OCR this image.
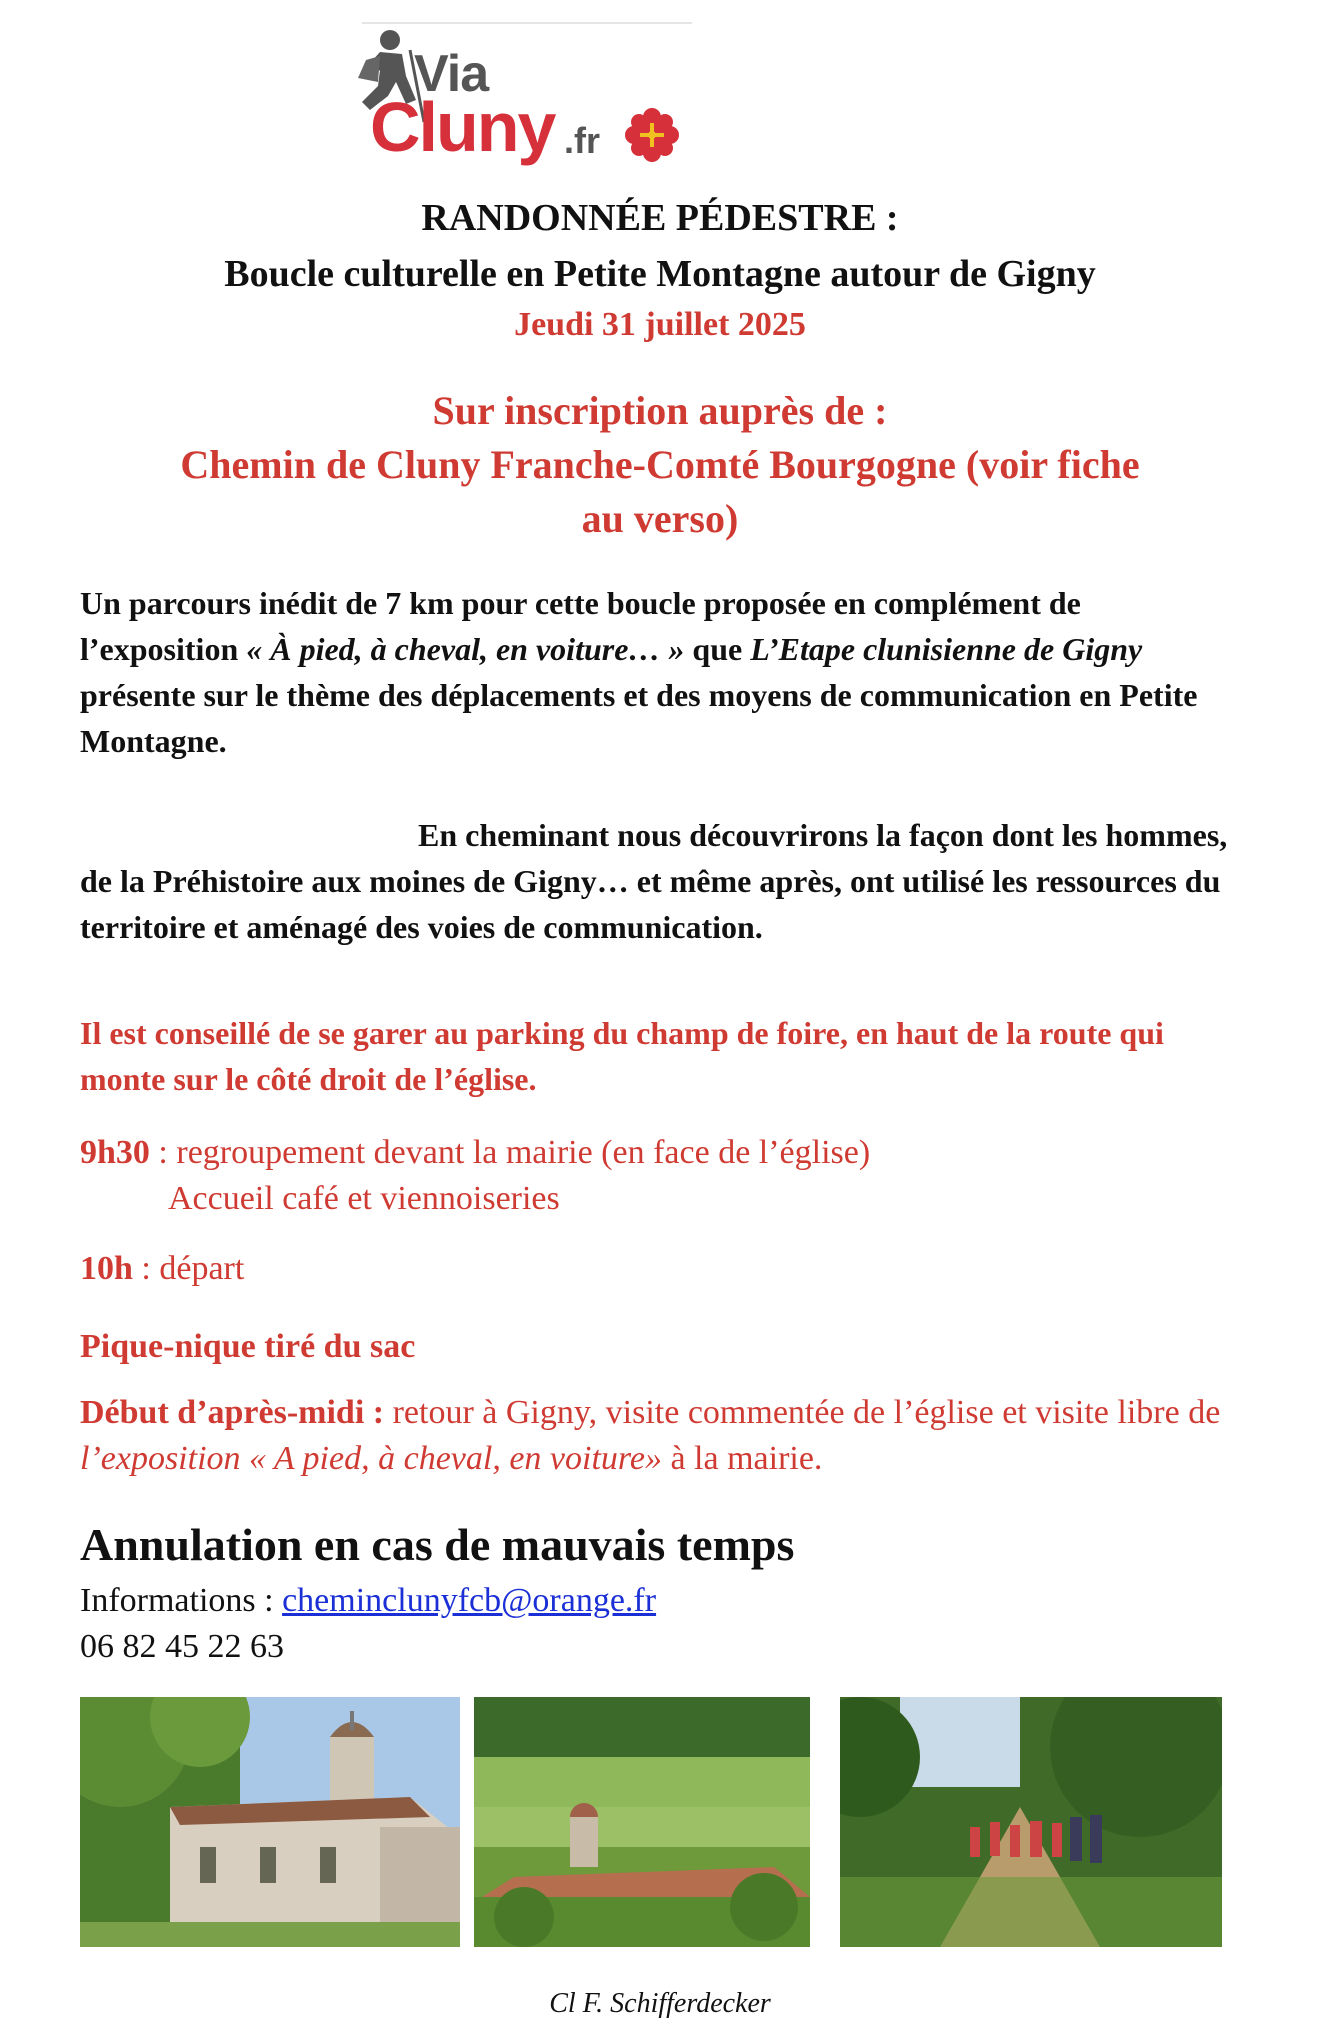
Via
Cluny .fr
RANDONNÉE PÉDESTRE :
Boucle culturelle en Petite Montagne autour de Gigny
Jeudi 31 juillet 2025
Sur inscription auprès de :
Chemin de Cluny Franche-Comté Bourgogne (voir fiche
au verso)
Un parcours inédit de 7 km pour cette boucle proposée en complément de l’exposition « À pied, à cheval, en voiture… » que L’Etape clunisienne de Gigny présente sur le thème des déplacements et des moyens de communication en Petite Montagne.
En cheminant nous découvrirons la façon dont les hommes, de la Préhistoire aux moines de Gigny… et même après, ont utilisé les ressources du territoire et aménagé des voies de communication.
Il est conseillé de se garer au parking du champ de foire, en haut de la route qui monte sur le côté droit de l’église.
9h30 : regroupement devant la mairie (en face de l’église)
Accueil café et viennoiseries
10h : départ
Pique-nique tiré du sac
Début d’après-midi : retour à Gigny, visite commentée de l’église et visite libre de l’exposition « A pied, à cheval, en voiture» à la mairie.
Annulation en cas de mauvais temps
Informations : cheminclunyfcb@orange.fr
06 82 45 22 63
Cl F. Schifferdecker
